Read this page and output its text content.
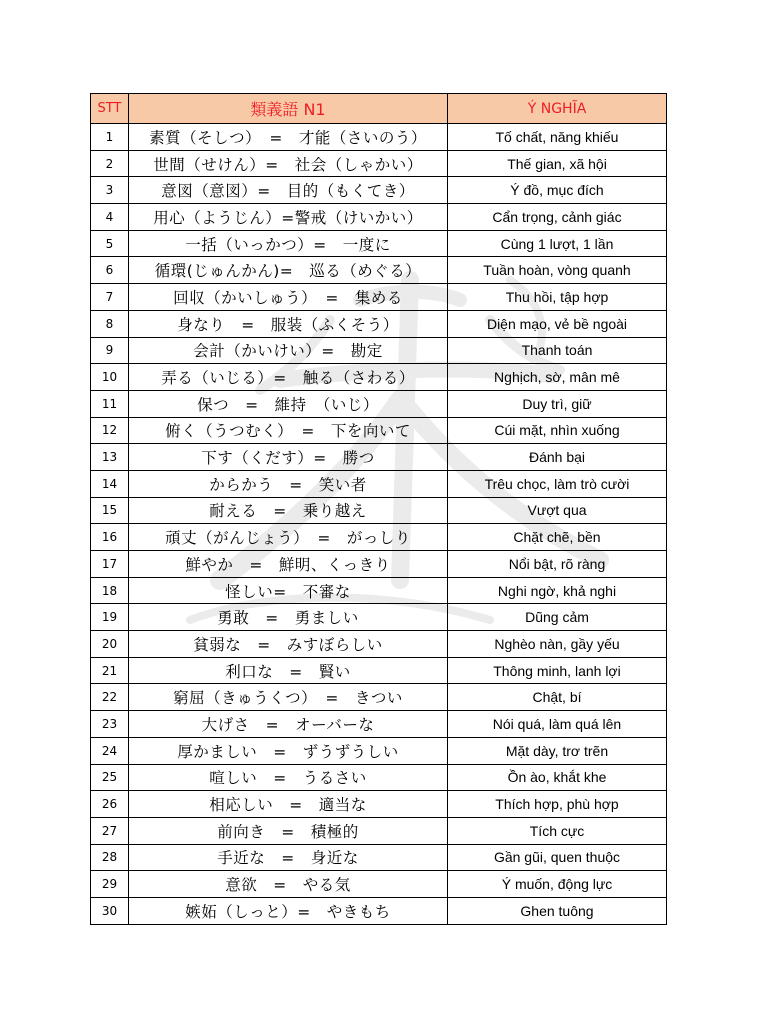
STT	類義語 N1	Ý NGHĨA
1	素質（そしつ）　=　才能（さいのう）	Tố chất, năng khiếu
2	世間（せけん）=　社会（しゃかい）	Thế gian, xã hội
3	意図（意図）=　目的（もくてき）	Ý đồ, mục đích
4	用心（ようじん）=警戒（けいかい）	Cẩn trọng, cảnh giác
5	一括（いっかつ）=　一度に	Cùng 1 lượt, 1 lần
6	循環(じゅんかん)=　巡る（めぐる）	Tuần hoàn, vòng quanh
7	回収（かいしゅう）　=　集める	Thu hồi, tập hợp
8	身なり　=　服装（ふくそう）	Diện mạo, vẻ bề ngoài
9	会計（かいけい）=　勘定	Thanh toán
10	弄る（いじる）=　触る（さわる）	Nghịch, sờ, mân mê
11	保つ　=　維持　（いじ）	Duy trì, giữ
12	俯く（うつむく）　=　下を向いて	Cúi mặt, nhìn xuống
13	下す（くだす）=　勝つ	Đánh bại
14	からかう　=　笑い者	Trêu chọc, làm trò cười
15	耐える　=　乗り越え	Vượt qua
16	頑丈（がんじょう）　=　がっしり	Chặt chẽ, bền
17	鮮やか　=　鮮明、くっきり	Nổi bật, rõ ràng
18	怪しい=　不審な	Nghi ngờ, khả nghi
19	勇敢　=　勇ましい	Dũng cảm
20	貧弱な　=　みすぼらしい	Nghèo nàn, gầy yếu
21	利口な　=　賢い	Thông minh, lanh lợi
22	窮屈（きゅうくつ）　=　きつい	Chật, bí
23	大げさ　=　オーバーな	Nói quá, làm quá lên
24	厚かましい　=　ずうずうしい	Mặt dày, trơ trẽn
25	喧しい　=　うるさい	Ồn ào, khắt khe
26	相応しい　=　適当な	Thích hợp, phù hợp
27	前向き　=　積極的	Tích cực
28	手近な　=　身近な	Gần gũi, quen thuộc
29	意欲　=　やる気	Ý muốn, động lực
30	嫉妬（しっと）=　やきもち	Ghen tuông
